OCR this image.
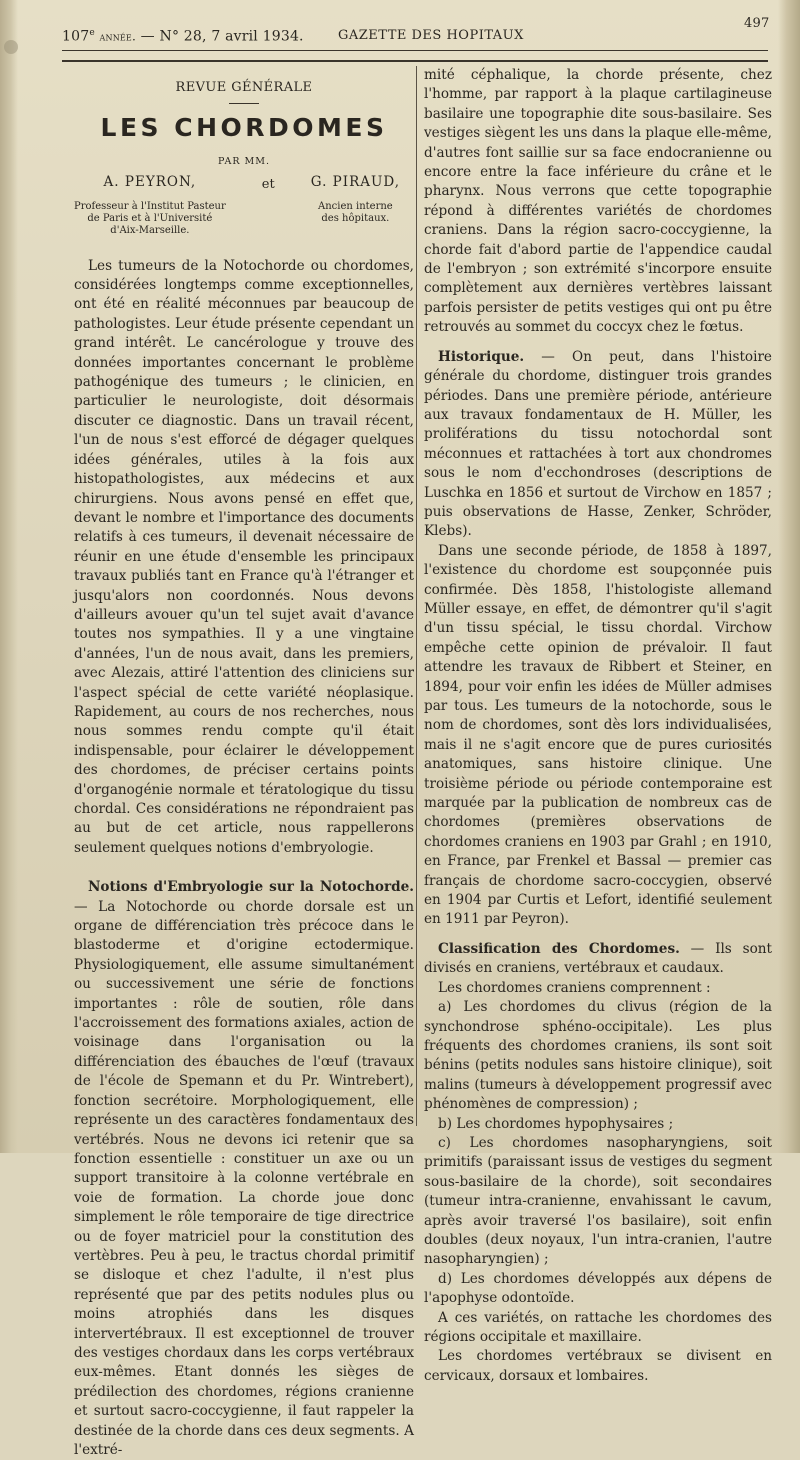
107e année. — N° 28, 7 avril 1934.	GAZETTE DES HOPITAUX
497
REVUE GÉNÉRALE
LES CHORDOMES
PAR MM.
A. PEYRON,
Professeur à l'Institut Pasteur
de Paris et à l'Université
d'Aix-Marseille.
et	G. PIRAUD,
Ancien interne
des hôpitaux.

Les tumeurs de la Notochorde ou chordomes, considérées longtemps comme exceptionnelles, ont été en réalité méconnues par beaucoup de pathologistes. Leur étude présente cependant un grand intérêt. Le cancérologue y trouve des données importantes concernant le problème pathogénique des tumeurs ; le clinicien, en particulier le neurologiste, doit désormais discuter ce diagnostic. Dans un travail récent, l'un de nous s'est efforcé de dégager quelques idées générales, utiles à la fois aux histopathologistes, aux médecins et aux chirurgiens. Nous avons pensé en effet que, devant le nombre et l'importance des documents relatifs à ces tumeurs, il devenait nécessaire de réunir en une étude d'ensemble les principaux travaux publiés tant en France qu'à l'étranger et jusqu'alors non coordonnés. Nous devons d'ailleurs avouer qu'un tel sujet avait d'avance toutes nos sympathies. Il y a une vingtaine d'années, l'un de nous avait, dans les premiers, avec Alezais, attiré l'attention des cliniciens sur l'aspect spécial de cette variété néoplasique. Rapidement, au cours de nos recherches, nous nous sommes rendu compte qu'il était indispensable, pour éclairer le développement des chordomes, de préciser certains points d'organogénie normale et tératologique du tissu chordal. Ces considérations ne répondraient pas au but de cet article, nous rappellerons seulement quelques notions d'embryologie.

Notions d'Embryologie sur la Notochorde. — La Notochorde ou chorde dorsale est un organe de différenciation très précoce dans le blastoderme et d'origine ectodermique. Physiologiquement, elle assume simultanément ou successivement une série de fonctions importantes : rôle de soutien, rôle dans l'accroissement des formations axiales, action de voisinage dans l'organisation ou la différenciation des ébauches de l'œuf (travaux de l'école de Spemann et du Pr. Wintrebert), fonction secrétoire. Morphologiquement, elle représente un des caractères fondamentaux des vertébrés. Nous ne devons ici retenir que sa fonction essentielle : constituer un axe ou un support transitoire à la colonne vertébrale en voie de formation. La chorde joue donc simplement le rôle temporaire de tige directrice ou de foyer matriciel pour la constitution des vertèbres. Peu à peu, le tractus chordal primitif se disloque et chez l'adulte, il n'est plus représenté que par des petits nodules plus ou moins atrophiés dans les disques intervertébraux. Il est exceptionnel de trouver des vestiges chordaux dans les corps vertébraux eux-mêmes. Etant donnés les sièges de prédilection des chordomes, régions cranienne et surtout sacro-coccygienne, il faut rappeler la destinée de la chorde dans ces deux segments. A l'extré-

mité céphalique, la chorde présente, chez l'homme, par rapport à la plaque cartilagineuse basilaire une topographie dite sous-basilaire. Ses vestiges siègent les uns dans la plaque elle-même, d'autres font saillie sur sa face endocranienne ou encore entre la face inférieure du crâne et le pharynx. Nous verrons que cette topographie répond à différentes variétés de chordomes craniens. Dans la région sacro-coccygienne, la chorde fait d'abord partie de l'appendice caudal de l'embryon ; son extrémité s'incorpore ensuite complètement aux dernières vertèbres laissant parfois persister de petits vestiges qui ont pu être retrouvés au sommet du coccyx chez le fœtus.

Historique. — On peut, dans l'histoire générale du chordome, distinguer trois grandes périodes. Dans une première période, antérieure aux travaux fondamentaux de H. Müller, les proliférations du tissu notochordal sont méconnues et rattachées à tort aux chondromes sous le nom d'ecchondroses (descriptions de Luschka en 1856 et surtout de Virchow en 1857 ; puis observations de Hasse, Zenker, Schröder, Klebs).

Dans une seconde période, de 1858 à 1897, l'existence du chordome est soupçonnée puis confirmée. Dès 1858, l'histologiste allemand Müller essaye, en effet, de démontrer qu'il s'agit d'un tissu spécial, le tissu chordal. Virchow empêche cette opinion de prévaloir. Il faut attendre les travaux de Ribbert et Steiner, en 1894, pour voir enfin les idées de Müller admises par tous. Les tumeurs de la notochorde, sous le nom de chordomes, sont dès lors individualisées, mais il ne s'agit encore que de pures curiosités anatomiques, sans histoire clinique. Une troisième période ou période contemporaine est marquée par la publication de nombreux cas de chordomes (premières observations de chordomes craniens en 1903 par Grahl ; en 1910, en France, par Frenkel et Bassal — premier cas français de chordome sacro-coccygien, observé en 1904 par Curtis et Lefort, identifié seulement en 1911 par Peyron).

Classification des Chordomes. — Ils sont divisés en craniens, vertébraux et caudaux.

Les chordomes craniens comprennent :

a) Les chordomes du clivus (région de la synchondrose sphéno-occipitale). Les plus fréquents des chordomes craniens, ils sont soit bénins (petits nodules sans histoire clinique), soit malins (tumeurs à développement progressif avec phénomènes de compression) ;

b) Les chordomes hypophysaires ;

c) Les chordomes nasopharyngiens, soit primitifs (paraissant issus de vestiges du segment sous-basilaire de la chorde), soit secondaires (tumeur intra-cranienne, envahissant le cavum, après avoir traversé l'os basilaire), soit enfin doubles (deux noyaux, l'un intra-cranien, l'autre nasopharyngien) ;

d) Les chordomes développés aux dépens de l'apophyse odontoïde.

A ces variétés, on rattache les chordomes des régions occipitale et maxillaire.

Les chordomes vertébraux se divisent en cervicaux, dorsaux et lombaires.
